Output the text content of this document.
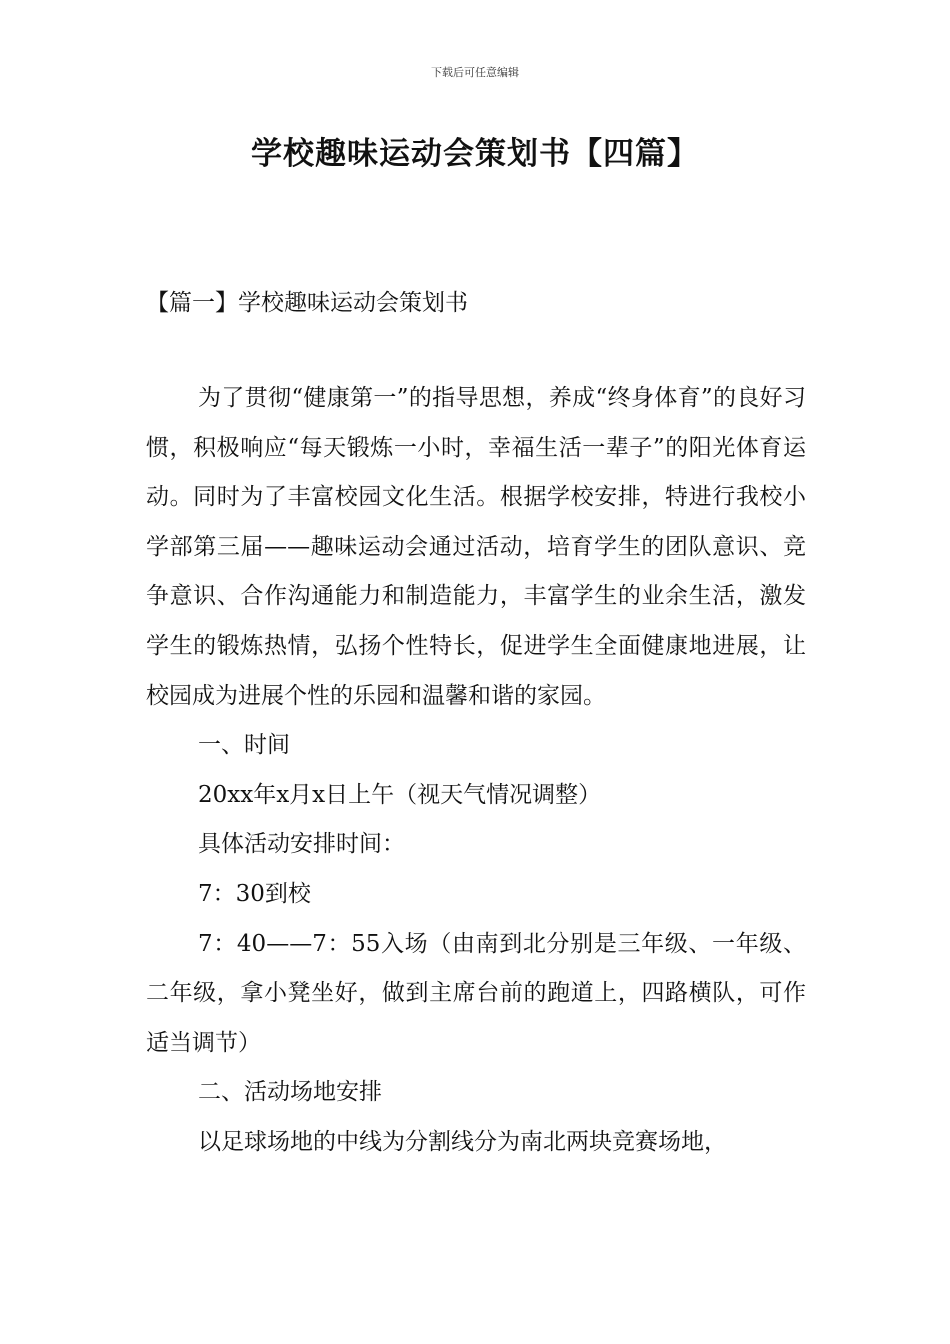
下载后可任意编辑
学校趣味运动会策划书【四篇】
【篇一】学校趣味运动会策划书

为了贯彻“健康第一”的指导思想，养成“终身体育”的良好习惯，积极响应“每天锻炼一小时，幸福生活一辈子”的阳光体育运动。同时为了丰富校园文化生活。根据学校安排，特进行我校小学部第三届——趣味运动会通过活动，培育学生的团队意识、竞争意识、合作沟通能力和制造能力，丰富学生的业余生活，激发学生的锻炼热情，弘扬个性特长，促进学生全面健康地进展，让校园成为进展个性的乐园和温馨和谐的家园。

一、时间

20xx年x月x日上午（视天气情况调整）

具体活动安排时间：

7：30到校

7：40——7：55入场（由南到北分别是三年级、一年级、二年级，拿小凳坐好，做到主席台前的跑道上，四路横队，可作适当调节）

二、活动场地安排

以足球场地的中线为分割线分为南北两块竞赛场地，
